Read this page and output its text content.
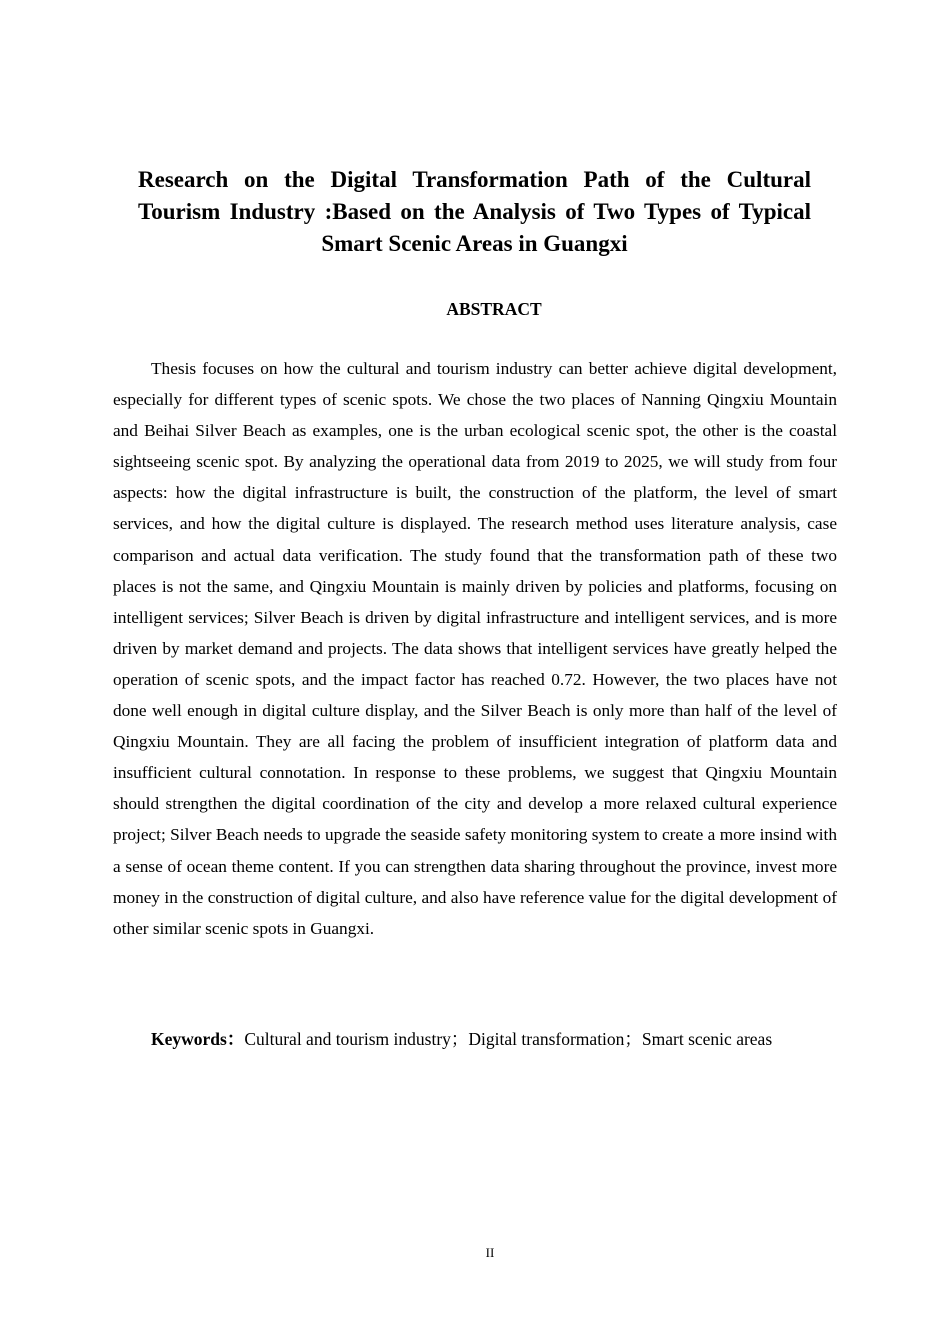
Research on the Digital Transformation Path of the Cultural Tourism Industry :Based on the Analysis of Two Types of Typical Smart Scenic Areas in Guangxi
ABSTRACT

Thesis focuses on how the cultural and tourism industry can better achieve digital development, especially for different types of scenic spots. We chose the two places of Nanning Qingxiu Mountain and Beihai Silver Beach as examples, one is the urban ecological scenic spot, the other is the coastal sightseeing scenic spot. By analyzing the operational data from 2019 to 2025, we will study from four aspects: how the digital infrastructure is built, the construction of the platform, the level of smart services, and how the digital culture is displayed. The research method uses literature analysis, case comparison and actual data verification. The study found that the transformation path of these two places is not the same, and Qingxiu Mountain is mainly driven by policies and platforms, focusing on intelligent services; Silver Beach is driven by digital infrastructure and intelligent services, and is more driven by market demand and projects. The data shows that intelligent services have greatly helped the operation of scenic spots, and the impact factor has reached 0.72. However, the two places have not done well enough in digital culture display, and the Silver Beach is only more than half of the level of Qingxiu Mountain. They are all facing the problem of insufficient integration of platform data and insufficient cultural connotation. In response to these problems, we suggest that Qingxiu Mountain should strengthen the digital coordination of the city and develop a more relaxed cultural experience project; Silver Beach needs to upgrade the seaside safety monitoring system to create a more insind with a sense of ocean theme content. If you can strengthen data sharing throughout the province, invest more money in the construction of digital culture, and also have reference value for the digital development of other similar scenic spots in Guangxi.

Keywords：Cultural and tourism industry；Digital transformation；Smart scenic areas

II
